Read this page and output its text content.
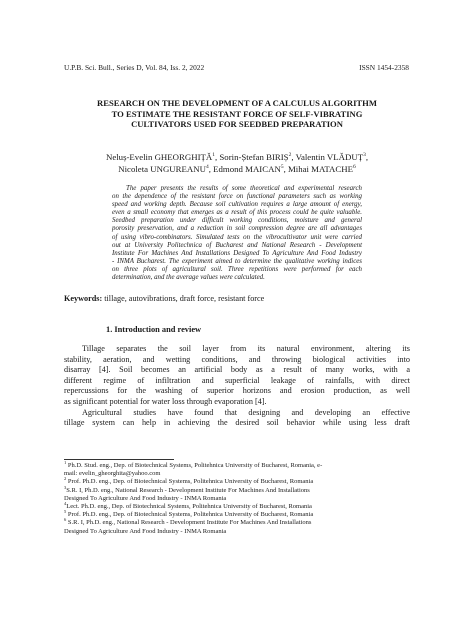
U.P.B. Sci. Bull., Series D, Vol. 84, Iss. 2, 2022	ISSN 1454-2358
RESEARCH ON THE DEVELOPMENT OF A CALCULUS ALGORITHM
TO ESTIMATE THE RESISTANT FORCE OF SELF-VIBRATING
CULTIVATORS USED FOR SEEDBED PREPARATION
Neluș-Evelin GHEORGHIȚĂ$^1$, Sorin-Ștefan BIRIȘ$^2$, Valentin VLĂDUȚ$^3$,
Nicoleta UNGUREANU$^4$, Edmond MAICAN$^5$, Mihai MATACHE$^6$
The paper presents the results of some theoretical and experimental research
on the dependence of the resistant force on functional parameters such as working
speed and working depth. Because soil cultivation requires a large amount of energy,
even a small economy that emerges as a result of this process could be quite valuable.
Seedbed preparation under difficult working conditions, moisture and general
porosity preservation, and a reduction in soil compression degree are all advantages
of using vibro-combinators. Simulated tests on the vibrocultivator unit were carried
out at University Politechnica of Bucharest and National Research - Development
Institute For Machines And Installations Designed To Agriculture And Food Industry
- INMA Bucharest. The experiment aimed to determine the qualitative working indices
on three plots of agricultural soil. Three repetitions were performed for each
determination, and the average values were calculated.
Keywords: tillage, autovibrations, draft force, resistant force
1. Introduction and review
Tillage separates the soil layer from its natural environment, altering its
stability, aeration, and wetting conditions, and throwing biological activities into
disarray [4]. Soil becomes an artificial body as a result of many works, with a
different regime of infiltration and superficial leakage of rainfalls, with direct
repercussions for the washing of superior horizons and erosion production, as well
as significant potential for water loss through evaporation [4].
Agricultural studies have found that designing and developing an effective
tillage system can help in achieving the desired soil behavior while using less draft
$^1$ Ph.D. Stud. eng., Dep. of Biotechnical Systems, Politehnica University of Bucharest, Romania, e-
mail: evelin_gheorghita@yahoo.com
$^2$ Prof. Ph.D. eng., Dep. of Biotechnical Systems, Politehnica University of Bucharest, Romania
$^3$S.R. I, Ph.D. eng., National Research - Development Institute For Machines And Installations
Designed To Agriculture And Food Industry - INMA Romania
$^4$Lect. Ph.D. eng., Dep. of Biotechnical Systems, Politehnica University of Bucharest, Romania
$^5$ Prof. Ph.D. eng., Dep. of Biotechnical Systems, Politehnica University of Bucharest, Romania
$^6$ S.R. I, Ph.D. eng., National Research - Development Institute For Machines And Installations
Designed To Agriculture And Food Industry - INMA Romania
